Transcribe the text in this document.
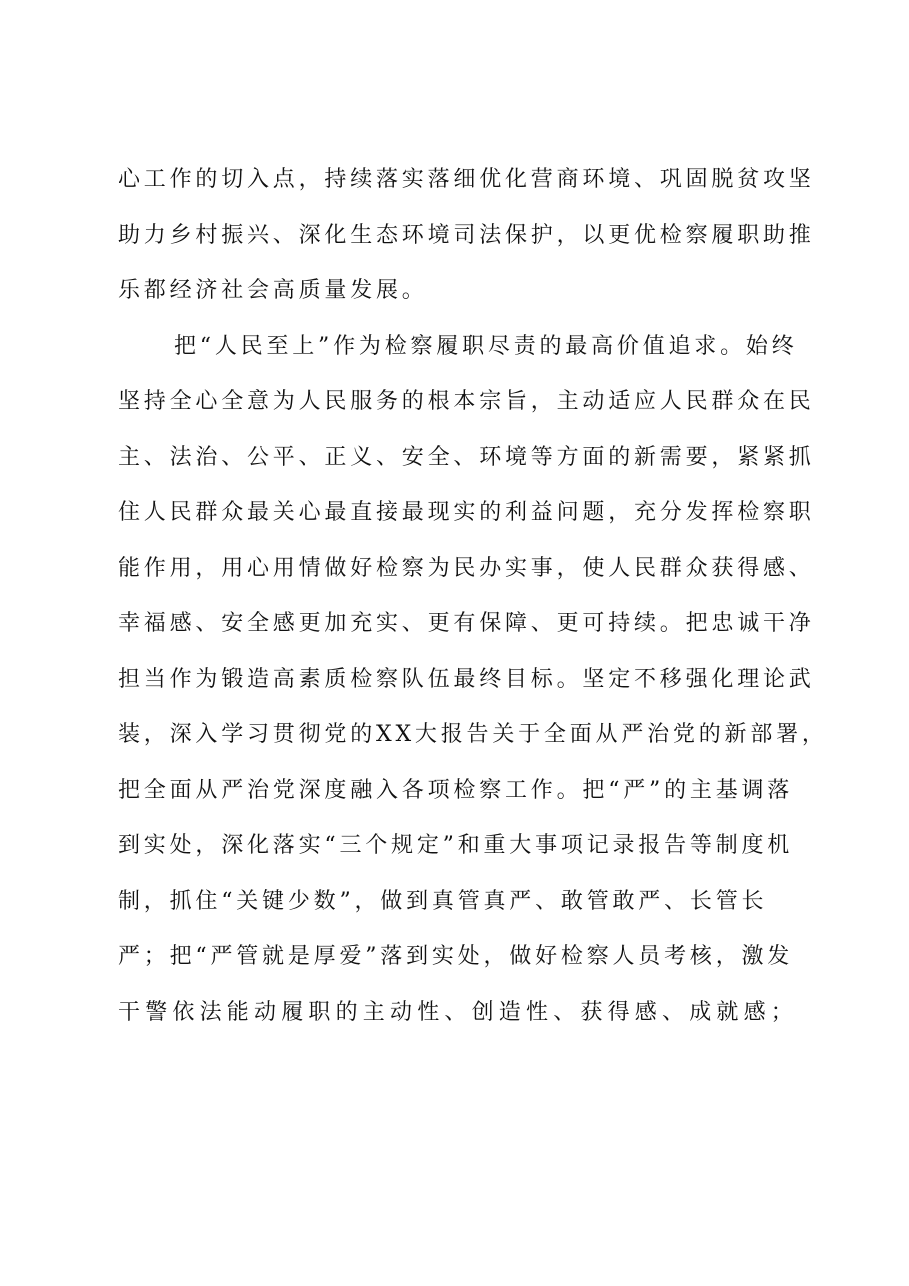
心工作的切入点，持续落实落细优化营商环境、巩固脱贫攻坚
助力乡村振兴、深化生态环境司法保护，以更优检察履职助推
乐都经济社会高质量发展。
把“人民至上”作为检察履职尽责的最高价值追求。始终
坚持全心全意为人民服务的根本宗旨，主动适应人民群众在民
主、法治、公平、正义、安全、环境等方面的新需要，紧紧抓
住人民群众最关心最直接最现实的利益问题，充分发挥检察职
能作用，用心用情做好检察为民办实事，使人民群众获得感、
幸福感、安全感更加充实、更有保障、更可持续。把忠诚干净
担当作为锻造高素质检察队伍最终目标。坚定不移强化理论武
装，深入学习贯彻党的XX大报告关于全面从严治党的新部署，
把全面从严治党深度融入各项检察工作。把“严”的主基调落
到实处，深化落实“三个规定”和重大事项记录报告等制度机
制，抓住“关键少数”，做到真管真严、敢管敢严、长管长
严；把“严管就是厚爱”落到实处，做好检察人员考核，激发
干警依法能动履职的主动性、创造性、获得感、成就感；
